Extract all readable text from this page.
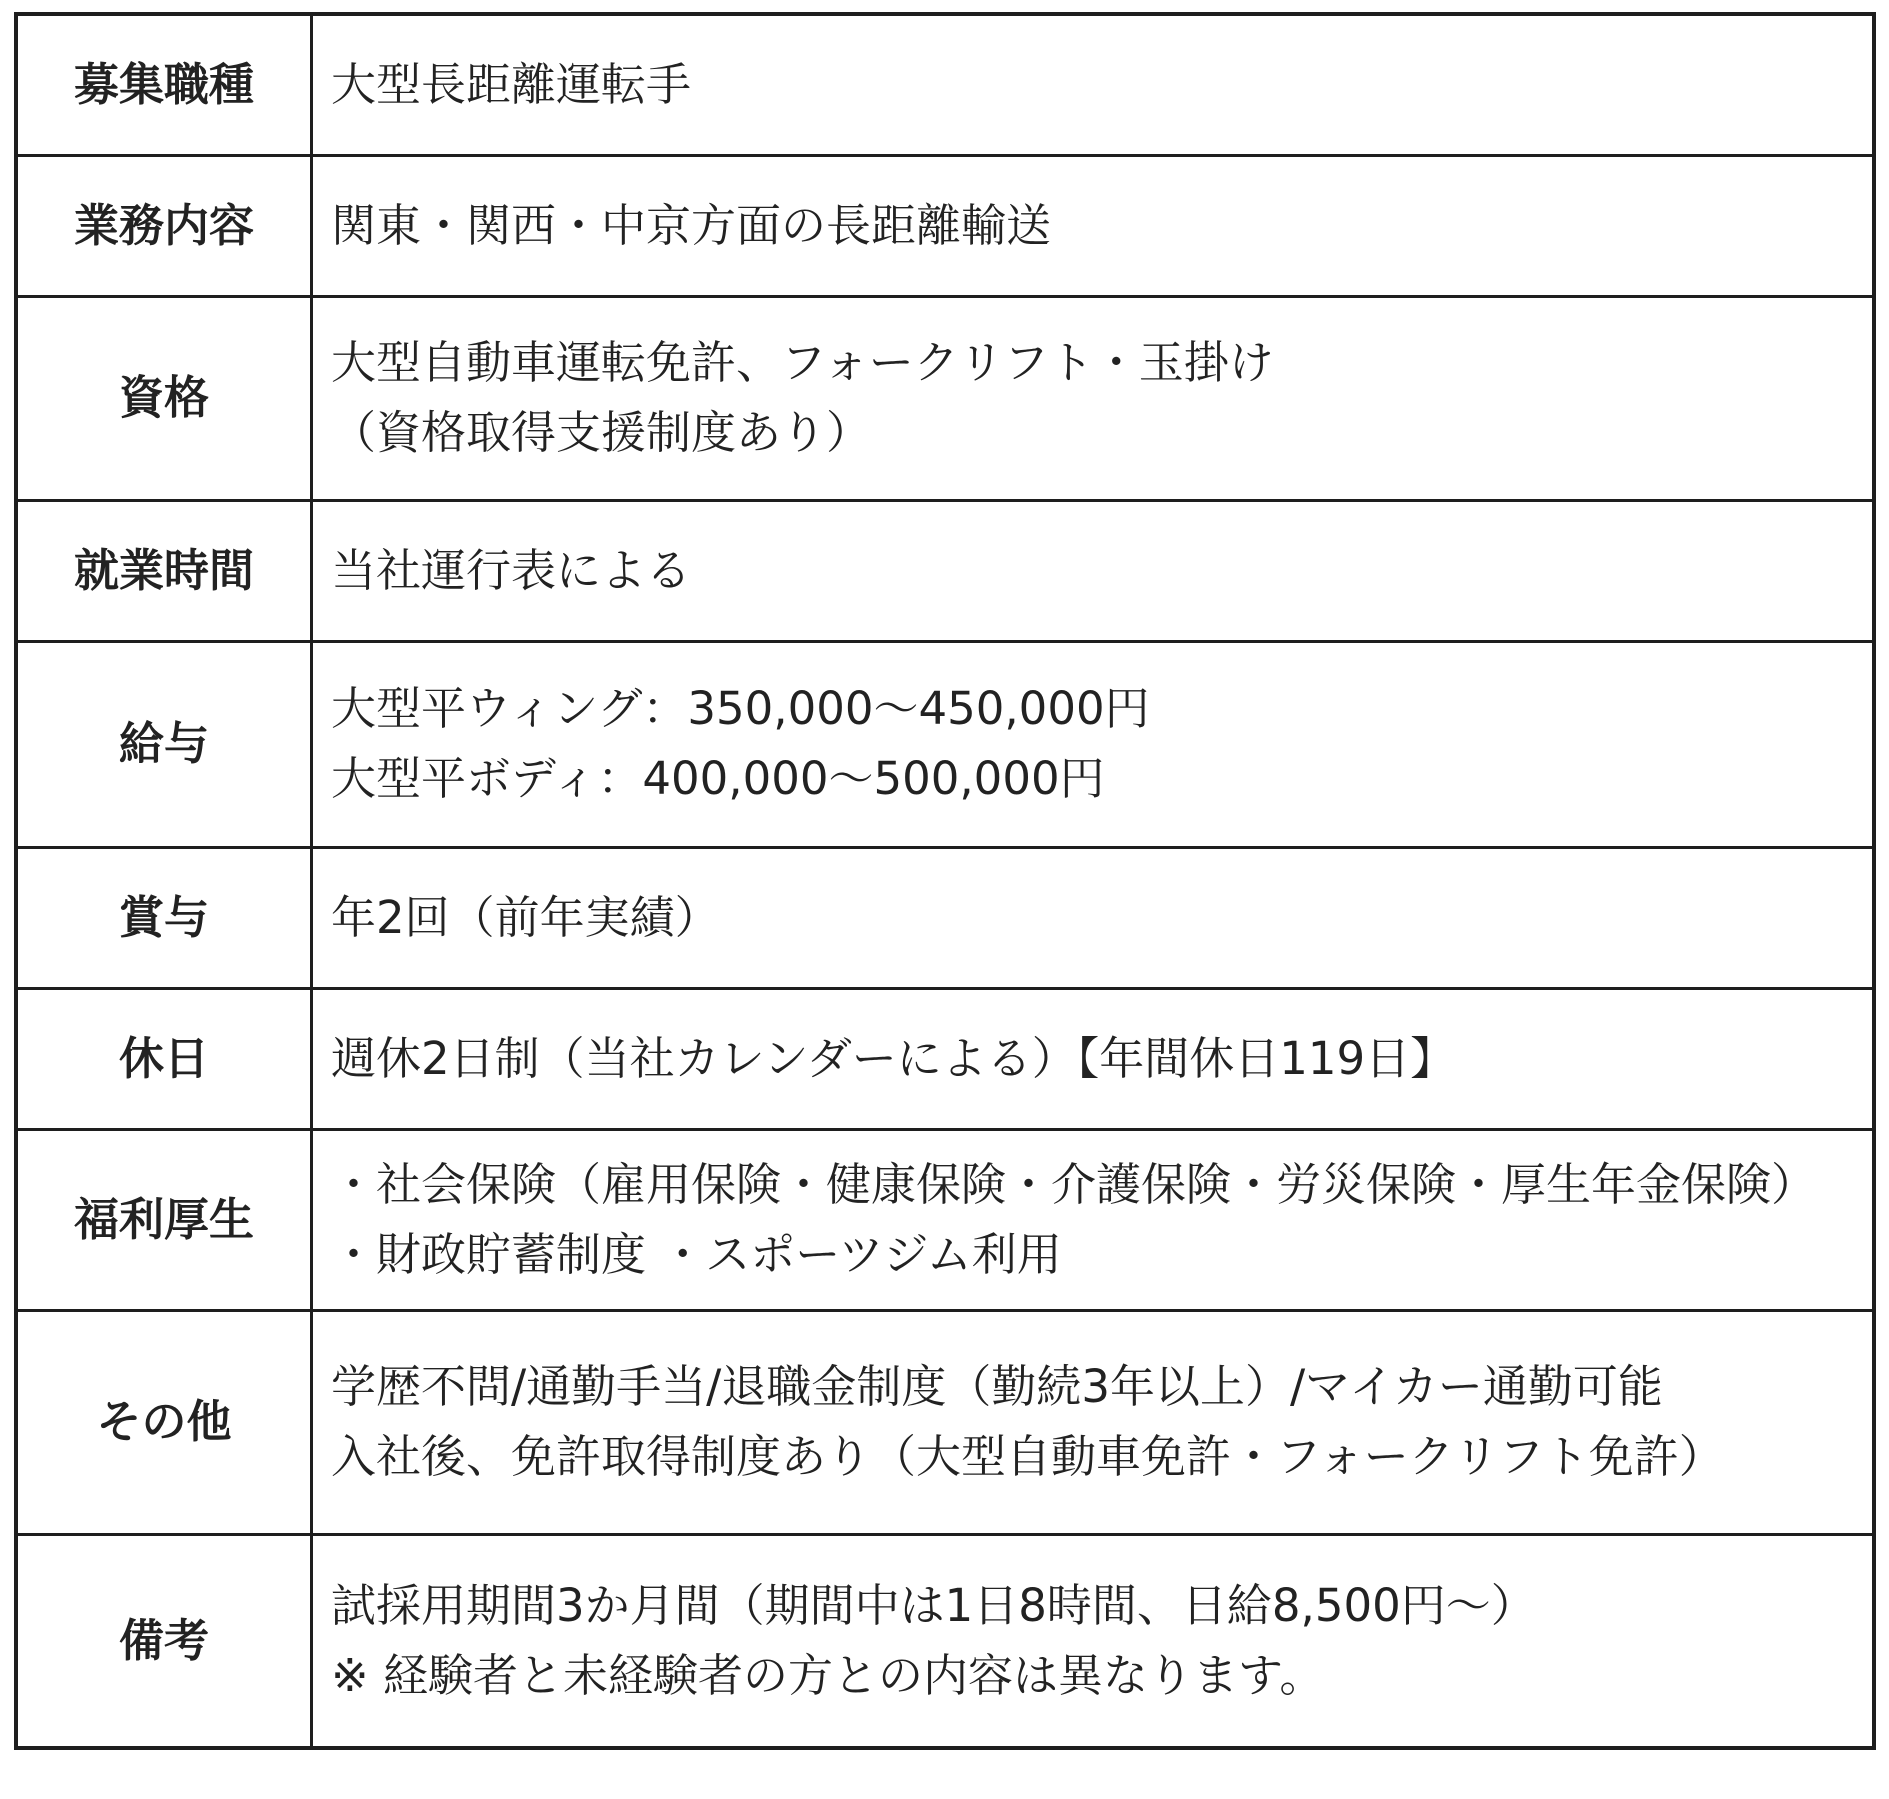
募集職種	大型長距離運転手

業務内容	関東・関西・中京方面の長距離輸送

資格	大型自動車運転免許、フォークリフト・玉掛け
（資格取得支援制度あり）

就業時間	当社運行表による

給与	大型平ウィング：350,000～450,000円
大型平ボディ：400,000～500,000円

賞与	年2回（前年実績）

休日	週休2日制（当社カレンダーによる）【年間休日119日】

福利厚生	・社会保険（雇用保険・健康保険・介護保険・労災保険・厚生年金保険）
・財政貯蓄制度 ・スポーツジム利用

その他	学歴不問/通勤手当/退職金制度（勤続3年以上）/マイカー通勤可能
入社後、免許取得制度あり（大型自動車免許・フォークリフト免許）

備考	試採用期間3か月間（期間中は1日8時間、日給8,500円～）
※ 経験者と未経験者の方との内容は異なります。
